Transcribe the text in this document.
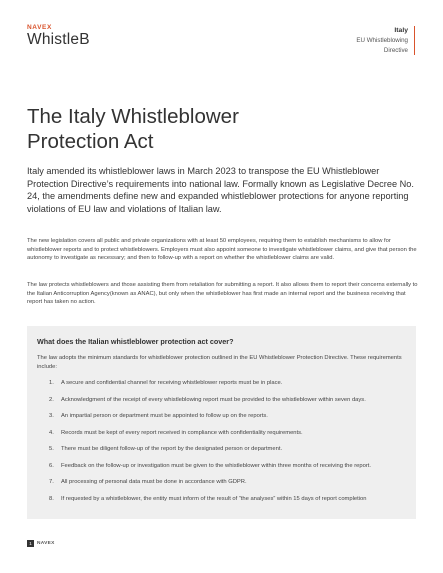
NAVEX
WhistleB
Italy
EU Whistleblowing
Directive
The Italy Whistleblower
Protection Act

Italy amended its whistleblower laws in March 2023 to transpose the EU Whistleblower Protection Directive’s requirements into national law. Formally known as Legislative Decree No. 24, the amendments define new and expanded whistleblower protections for anyone reporting violations of EU law and violations of Italian law.

The new legislation covers all public and private organizations with at least 50 employees, requiring them to establish mechanisms to allow for whistleblower reports and to protect whistleblowers. Employers must also appoint someone to investigate whistleblower claims, and give that person the autonomy to investigate as necessary; and then to follow-up with a report on whether the whistleblower claims are valid.

The law protects whistleblowers and those assisting them from retaliation for submitting a report. It also allows them to report their concerns externally to the Italian Anticorruption Agency(known as ANAC), but only when the whistleblower has first made an internal report and the business receiving that report has taken no action.

What does the Italian whistleblower protection act cover?

The law adopts the minimum standards for whistleblower protection outlined in the EU Whistleblower Protection Directive. These requirements include:

1. A secure and confidential channel for receiving whistleblower reports must be in place.
2. Acknowledgment of the receipt of every whistleblowing report must be provided to the whistleblower within seven days.
3. An impartial person or department must be appointed to follow up on the reports.
4. Records must be kept of every report received in compliance with confidentiality requirements.
5. There must be diligent follow-up of the report by the designated person or department.
6. Feedback on the follow-up or investigation must be given to the whistleblower within three months of receiving the report.
7. All processing of personal data must be done in accordance with GDPR.
8. If requested by a whistleblower, the entity must inform of the result of “the analyses” within 15 days of report completion
1	NAVEX
